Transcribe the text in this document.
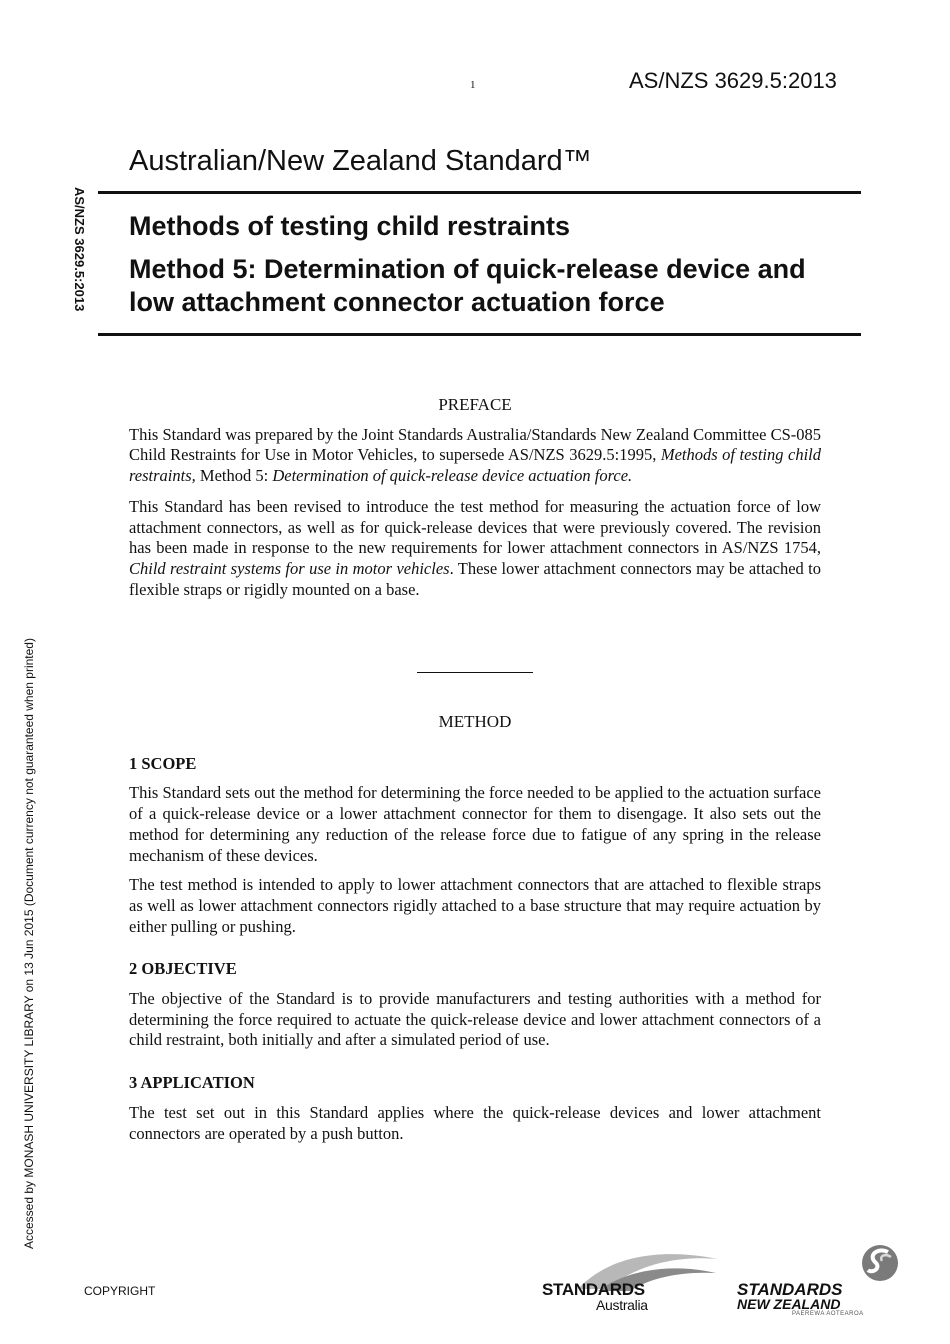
1	AS/NZS 3629.5:2013
AS/NZS 3629.5:2013
Accessed by MONASH UNIVERSITY LIBRARY on 13 Jun 2015 (Document currency not guaranteed when printed)
Australian/New Zealand Standard™
Methods of testing child restraints
Method 5: Determination of quick-release device and low attachment connector actuation force
PREFACE

This Standard was prepared by the Joint Standards Australia/Standards New Zealand Committee CS-085 Child Restraints for Use in Motor Vehicles, to supersede AS/NZS 3629.5:1995, Methods of testing child restraints, Method 5: Determination of quick-release device actuation force.

This Standard has been revised to introduce the test method for measuring the actuation force of low attachment connectors, as well as for quick-release devices that were previously covered. The revision has been made in response to the new requirements for lower attachment connectors in AS/NZS 1754, Child restraint systems for use in motor vehicles. These lower attachment connectors may be attached to flexible straps or rigidly mounted on a base.

METHOD
1 SCOPE

This Standard sets out the method for determining the force needed to be applied to the actuation surface of a quick-release device or a lower attachment connector for them to disengage. It also sets out the method for determining any reduction of the release force due to fatigue of any spring in the release mechanism of these devices.

The test method is intended to apply to lower attachment connectors that are attached to flexible straps as well as lower attachment connectors rigidly attached to a base structure that may require actuation by either pulling or pushing.

2 OBJECTIVE

The objective of the Standard is to provide manufacturers and testing authorities with a method for determining the force required to actuate the quick-release device and lower attachment connectors of a child restraint, both initially and after a simulated period of use.

3 APPLICATION

The test set out in this Standard applies where the quick-release devices and lower attachment connectors are operated by a push button.

COPYRIGHT	STANDARDS
Australia
STANDARDS
NEW ZEALAND
PAEREWA AOTEAROA
